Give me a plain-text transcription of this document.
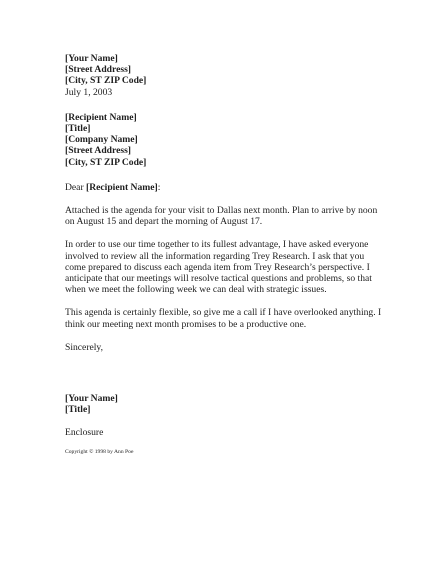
[Your Name]
[Street Address]
[City, ST ZIP Code]
July 1, 2003
[Recipient Name]
[Title]
[Company Name]
[Street Address]
[City, ST ZIP Code]
Dear [Recipient Name]:
Attached is the agenda for your visit to Dallas next month. Plan to arrive by noon on August 15 and depart the morning of August 17.
In order to use our time together to its fullest advantage, I have asked everyone involved to review all the information regarding Trey Research. I ask that you come prepared to discuss each agenda item from Trey Research’s perspective. I anticipate that our meetings will resolve tactical questions and problems, so that when we meet the following week we can deal with strategic issues.
This agenda is certainly flexible, so give me a call if I have overlooked anything. I think our meeting next month promises to be a productive one.
Sincerely,
[Your Name]
[Title]
Enclosure
Copyright © 1998 by Ann Poe
